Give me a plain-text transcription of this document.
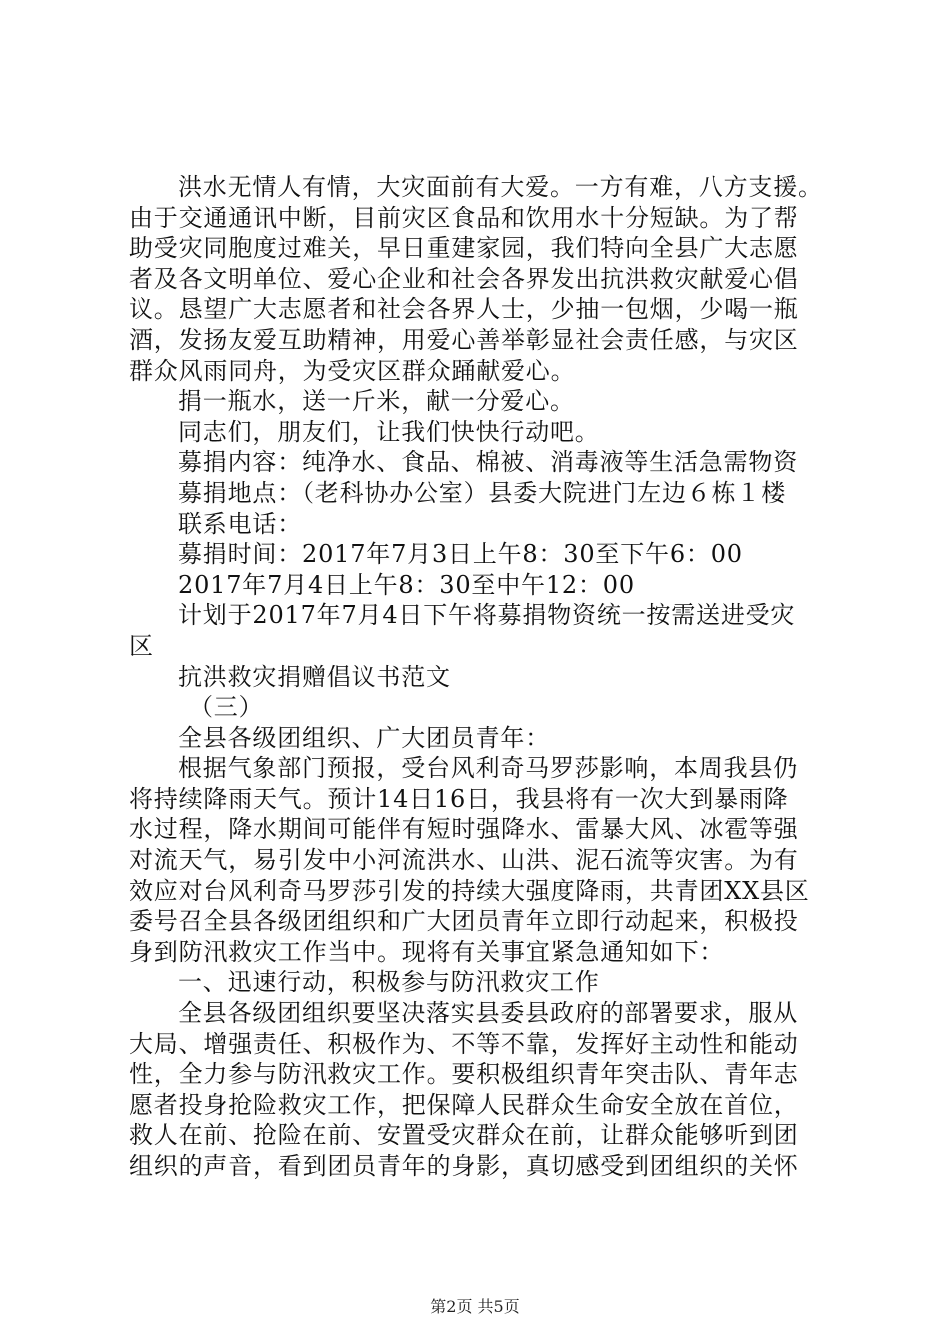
洪水无情人有情，大灾面前有大爱。一方有难，八方支援。
由于交通通讯中断，目前灾区食品和饮用水十分短缺。为了帮
助受灾同胞度过难关，早日重建家园，我们特向全县广大志愿
者及各文明单位、爱心企业和社会各界发出抗洪救灾献爱心倡
议。恳望广大志愿者和社会各界人士，少抽一包烟，少喝一瓶
酒，发扬友爱互助精神，用爱心善举彰显社会责任感，与灾区
群众风雨同舟，为受灾区群众踊献爱心。
捐一瓶水，送一斤米，献一分爱心。
同志们，朋友们，让我们快快行动吧。
募捐内容：纯净水、食品、棉被、消毒液等生活急需物资
募捐地点：（老科协办公室）县委大院进门左边６栋１楼
联系电话：
募捐时间：2017年7月3日上午8：30至下午6：00
2017年7月4日上午8：30至中午12：00
计划于2017年7月4日下午将募捐物资统一按需送进受灾
区
抗洪救灾捐赠倡议书范文
（三）
全县各级团组织、广大团员青年：
根据气象部门预报，受台风利奇马罗莎影响，本周我县仍
将持续降雨天气。预计14日16日，我县将有一次大到暴雨降
水过程，降水期间可能伴有短时强降水、雷暴大风、冰雹等强
对流天气，易引发中小河流洪水、山洪、泥石流等灾害。为有
效应对台风利奇马罗莎引发的持续大强度降雨，共青团XX县区
委号召全县各级团组织和广大团员青年立即行动起来，积极投
身到防汛救灾工作当中。现将有关事宜紧急通知如下：
一、迅速行动，积极参与防汛救灾工作
全县各级团组织要坚决落实县委县政府的部署要求，服从
大局、增强责任、积极作为、不等不靠，发挥好主动性和能动
性，全力参与防汛救灾工作。要积极组织青年突击队、青年志
愿者投身抢险救灾工作，把保障人民群众生命安全放在首位，
救人在前、抢险在前、安置受灾群众在前，让群众能够听到团
组织的声音，看到团员青年的身影，真切感受到团组织的关怀
第2页 共5页
